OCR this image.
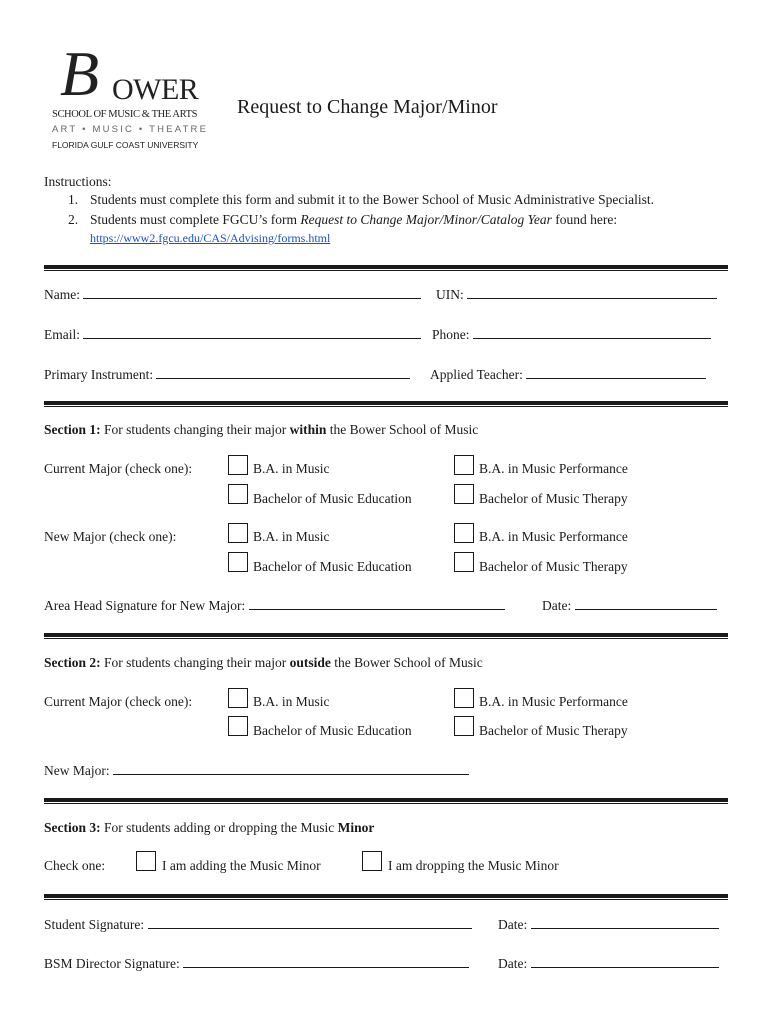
B OWER
SCHOOL OF MUSIC & THE ARTS
ART • MUSIC • THEATRE
FLORIDA GULF COAST UNIVERSITY
Request to Change Major/Minor
Instructions:
1. Students must complete this form and submit it to the Bower School of Music Administrative Specialist.
2. Students must complete FGCU’s form Request to Change Major/Minor/Catalog Year found here:
https://www2.fgcu.edu/CAS/Advising/forms.html
Name:	UIN:
Email:	Phone:
Primary Instrument:	Applied Teacher:
Section 1: For students changing their major within the Bower School of Music
Current Major (check one):	B.A. in Music	B.A. in Music Performance
Bachelor of Music Education	Bachelor of Music Therapy
New Major (check one):	B.A. in Music	B.A. in Music Performance
Bachelor of Music Education	Bachelor of Music Therapy
Area Head Signature for New Major:	Date:
Section 2: For students changing their major outside the Bower School of Music
Current Major (check one):	B.A. in Music	B.A. in Music Performance
Bachelor of Music Education	Bachelor of Music Therapy
New Major:
Section 3: For students adding or dropping the Music Minor
Check one:	I am adding the Music Minor	I am dropping the Music Minor
Student Signature:	Date:
BSM Director Signature:	Date:
